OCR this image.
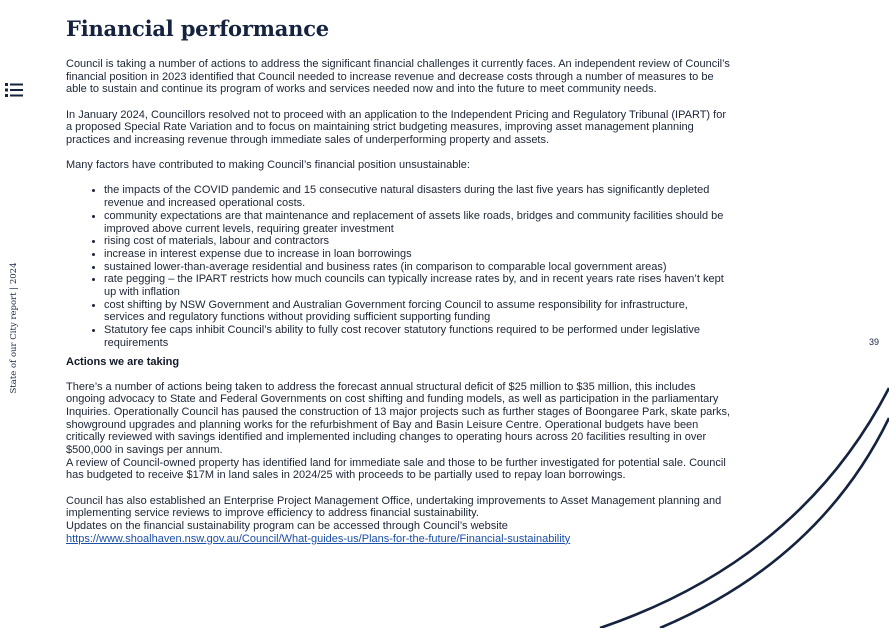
State of our City report | 2024	39
Financial performance

Council is taking a number of actions to address the significant financial challenges it currently faces. An independent review of Council’s financial position in 2023 identified that Council needed to increase revenue and decrease costs through a number of measures to be able to sustain and continue its program of works and services needed now and into the future to meet community needs.

In January 2024, Councillors resolved not to proceed with an application to the Independent Pricing and Regulatory Tribunal (IPART) for a proposed Special Rate Variation and to focus on maintaining strict budgeting measures, improving asset management planning practices and increasing revenue through immediate sales of underperforming property and assets.

Many factors have contributed to making Council’s financial position unsustainable:

• the impacts of the COVID pandemic and 15 consecutive natural disasters during the last five years has significantly depleted revenue and increased operational costs.
• community expectations are that maintenance and replacement of assets like roads, bridges and community facilities should be improved above current levels, requiring greater investment
• rising cost of materials, labour and contractors
• increase in interest expense due to increase in loan borrowings
• sustained lower-than-average residential and business rates (in comparison to comparable local government areas)
• rate pegging – the IPART restricts how much councils can typically increase rates by, and in recent years rate rises haven’t kept up with inflation
• cost shifting by NSW Government and Australian Government forcing Council to assume responsibility for infrastructure, services and regulatory functions without providing sufficient supporting funding
• Statutory fee caps inhibit Council’s ability to fully cost recover statutory functions required to be performed under legislative requirements
Actions we are taking

There’s a number of actions being taken to address the forecast annual structural deficit of $25 million to $35 million, this includes ongoing advocacy to State and Federal Governments on cost shifting and funding models, as well as participation in the parliamentary Inquiries. Operationally Council has paused the construction of 13 major projects such as further stages of Boongaree Park, skate parks, showground upgrades and planning works for the refurbishment of Bay and Basin Leisure Centre. Operational budgets have been critically reviewed with savings identified and implemented including changes to operating hours across 20 facilities resulting in over $500,000 in savings per annum.

A review of Council-owned property has identified land for immediate sale and those to be further investigated for potential sale. Council has budgeted to receive $17M in land sales in 2024/25 with proceeds to be partially used to repay loan borrowings.

Council has also established an Enterprise Project Management Office, undertaking improvements to Asset Management planning and implementing service reviews to improve efficiency to address financial sustainability.

Updates on the financial sustainability program can be accessed through Council’s website

https://www.shoalhaven.nsw.gov.au/Council/What-guides-us/Plans-for-the-future/Financial-sustainability
